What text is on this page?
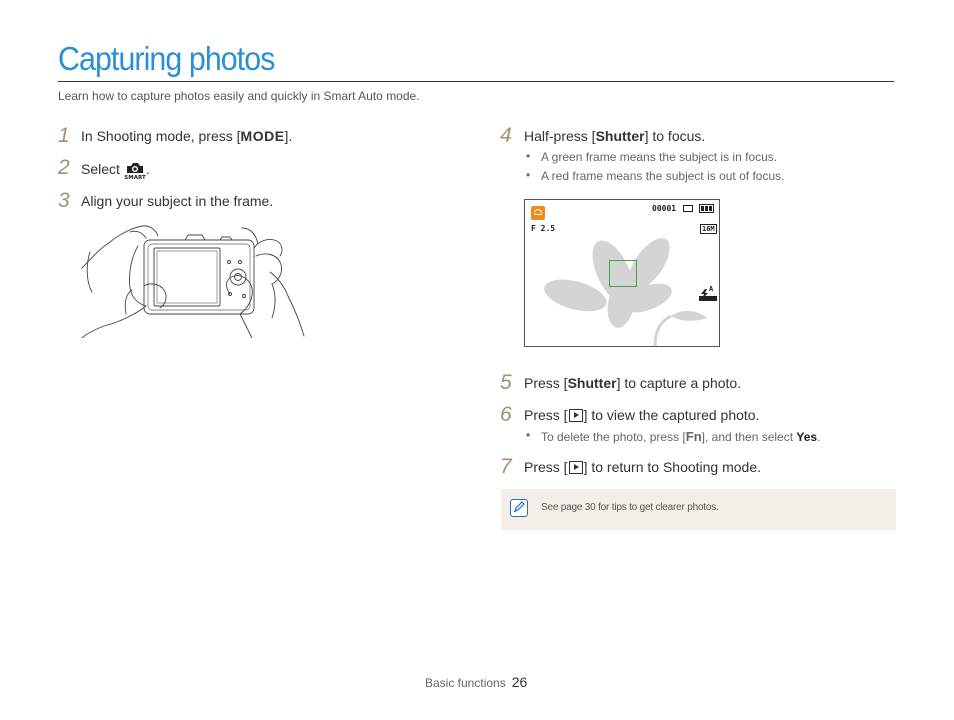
Capturing photos
Learn how to capture photos easily and quickly in Smart Auto mode.
1 In Shooting mode, press [MODE].
2 Select
SMART
.
3 Align your subject in the frame.
4 Half-press [Shutter] to focus.
• A green frame means the subject is in focus.
• A red frame means the subject is out of focus.
F 2.5
00001
16M
A
5 Press [Shutter] to capture a photo.
6 Press [ ] to view the captured photo.
• To delete the photo, press [Fn], and then select Yes.
7 Press [ ] to return to Shooting mode.
See page 30 for tips to get clearer photos.
Basic functions 26
